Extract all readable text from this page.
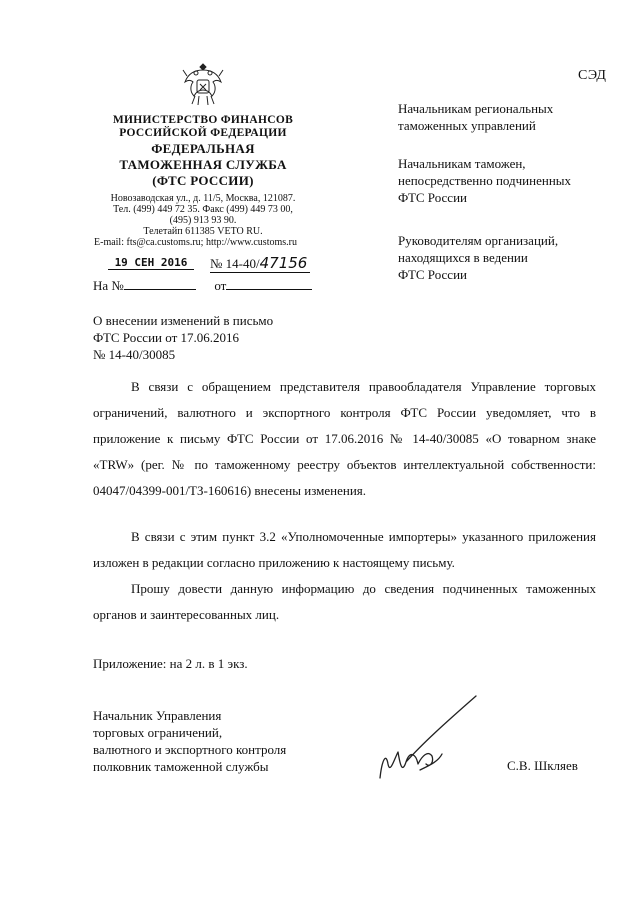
СЭД
МИНИСТЕРСТВО ФИНАНСОВ
РОССИЙСКОЙ ФЕДЕРАЦИИ
ФЕДЕРАЛЬНАЯ
ТАМОЖЕННАЯ СЛУЖБА
(ФТС РОССИИ)
Новозаводская ул., д. 11/5, Москва, 121087.
Тел. (499) 449 72 35. Факс (499) 449 73 00,
(495) 913 93 90.
Телетайп 611385 VETO RU.
E-mail: fts@ca.customs.ru; http://www.customs.ru
19 СЕН 2016	№ 14-40/47156
На №	от
Начальникам региональных
таможенных управлений
Начальникам таможен,
непосредственно подчиненных
ФТС России
Руководителям организаций,
находящихся в ведении
ФТС России
О внесении изменений в письмо
ФТС России от 17.06.2016
№ 14-40/30085
В связи с обращением представителя правообладателя Управление торговых ограничений, валютного и экспортного контроля ФТС России уведомляет, что в приложение к письму ФТС России от 17.06.2016 № 14-40/30085 «О товарном знаке «TRW» (рег. № по таможенному реестру объектов интеллектуальной собственности: 04047/04399-001/ТЗ-160616) внесены изменения.
В связи с этим пункт 3.2 «Уполномоченные импортеры» указанного приложения изложен в редакции согласно приложению к настоящему письму.
Прошу довести данную информацию до сведения подчиненных таможенных органов и заинтересованных лиц.
Приложение: на 2 л. в 1 экз.
Начальник Управления
торговых ограничений,
валютного и экспортного контроля
полковник таможенной службы	С.В. Шкляев
